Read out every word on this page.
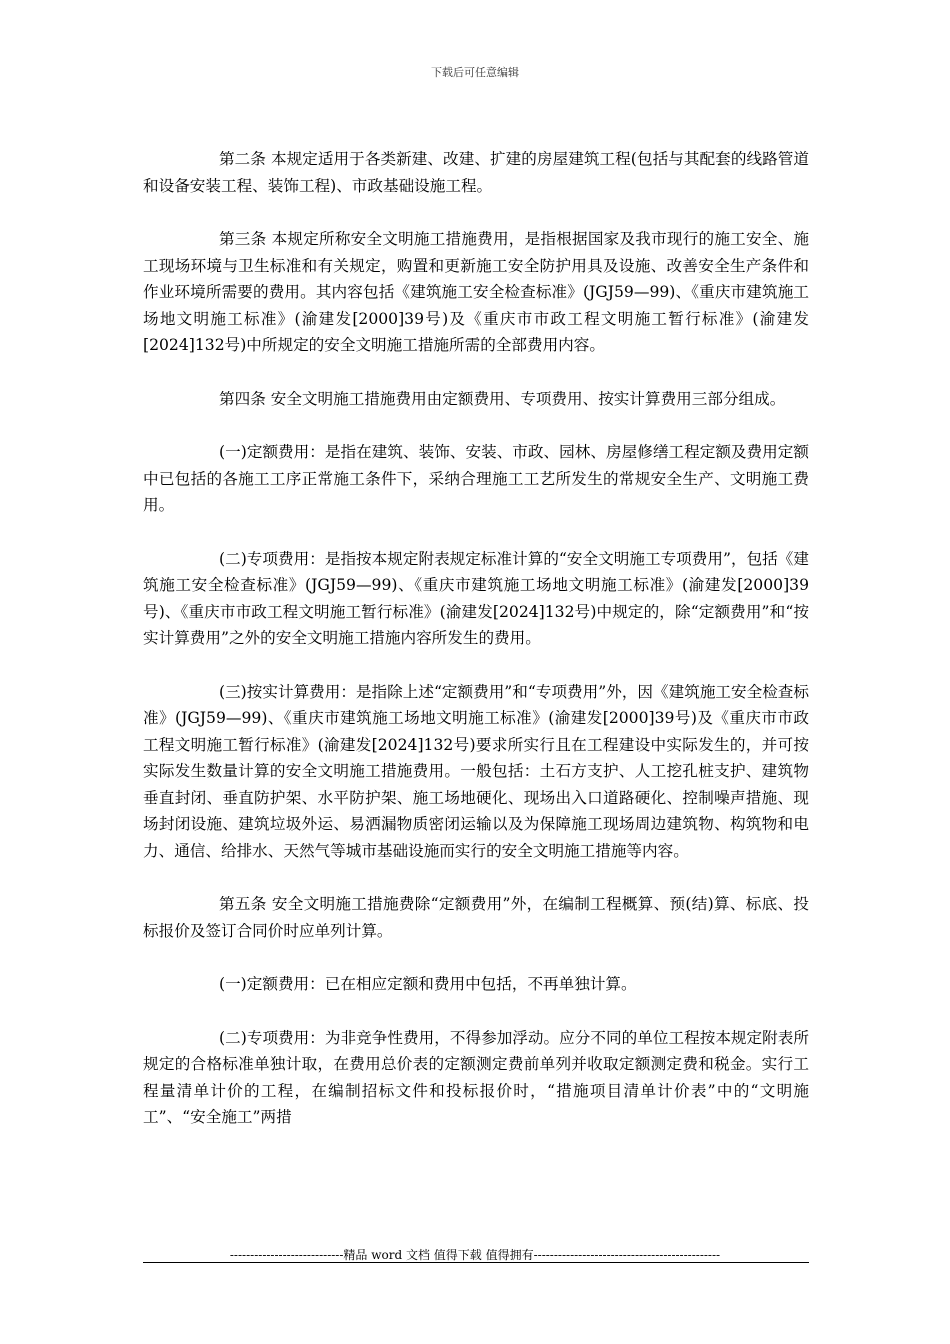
下载后可任意编辑

第二条 本规定适用于各类新建、改建、扩建的房屋建筑工程(包括与其配套的线路管道和设备安装工程、装饰工程)、市政基础设施工程。

第三条 本规定所称安全文明施工措施费用，是指根据国家及我市现行的施工安全、施工现场环境与卫生标准和有关规定，购置和更新施工安全防护用具及设施、改善安全生产条件和作业环境所需要的费用。其内容包括《建筑施工安全检查标准》(JGJ59—99)、《重庆市建筑施工场地文明施工标准》(渝建发[2000]39号)及《重庆市市政工程文明施工暂行标准》(渝建发[2024]132号)中所规定的安全文明施工措施所需的全部费用内容。

第四条 安全文明施工措施费用由定额费用、专项费用、按实计算费用三部分组成。

(一)定额费用：是指在建筑、装饰、安装、市政、园林、房屋修缮工程定额及费用定额中已包括的各施工工序正常施工条件下，采纳合理施工工艺所发生的常规安全生产、文明施工费用。

(二)专项费用：是指按本规定附表规定标准计算的“安全文明施工专项费用”，包括《建筑施工安全检查标准》(JGJ59—99)、《重庆市建筑施工场地文明施工标准》(渝建发[2000]39号)、《重庆市市政工程文明施工暂行标准》(渝建发[2024]132号)中规定的，除“定额费用”和“按实计算费用”之外的安全文明施工措施内容所发生的费用。

(三)按实计算费用：是指除上述“定额费用”和“专项费用”外，因《建筑施工安全检查标准》(JGJ59—99)、《重庆市建筑施工场地文明施工标准》(渝建发[2000]39号)及《重庆市市政工程文明施工暂行标准》(渝建发[2024]132号)要求所实行且在工程建设中实际发生的，并可按实际发生数量计算的安全文明施工措施费用。一般包括：土石方支护、人工挖孔桩支护、建筑物垂直封闭、垂直防护架、水平防护架、施工场地硬化、现场出入口道路硬化、控制噪声措施、现场封闭设施、建筑垃圾外运、易洒漏物质密闭运输以及为保障施工现场周边建筑物、构筑物和电力、通信、给排水、天然气等城市基础设施而实行的安全文明施工措施等内容。

第五条 安全文明施工措施费除“定额费用”外，在编制工程概算、预(结)算、标底、投标报价及签订合同价时应单列计算。

(一)定额费用：已在相应定额和费用中包括，不再单独计算。

(二)专项费用：为非竞争性费用，不得参加浮动。应分不同的单位工程按本规定附表所规定的合格标准单独计取，在费用总价表的定额测定费前单列并收取定额测定费和税金。实行工程量清单计价的工程，在编制招标文件和投标报价时，“措施项目清单计价表”中的“文明施工”、“安全施工”两措

----------------------------精品 word 文档 值得下载 值得拥有----------------------------------------------
